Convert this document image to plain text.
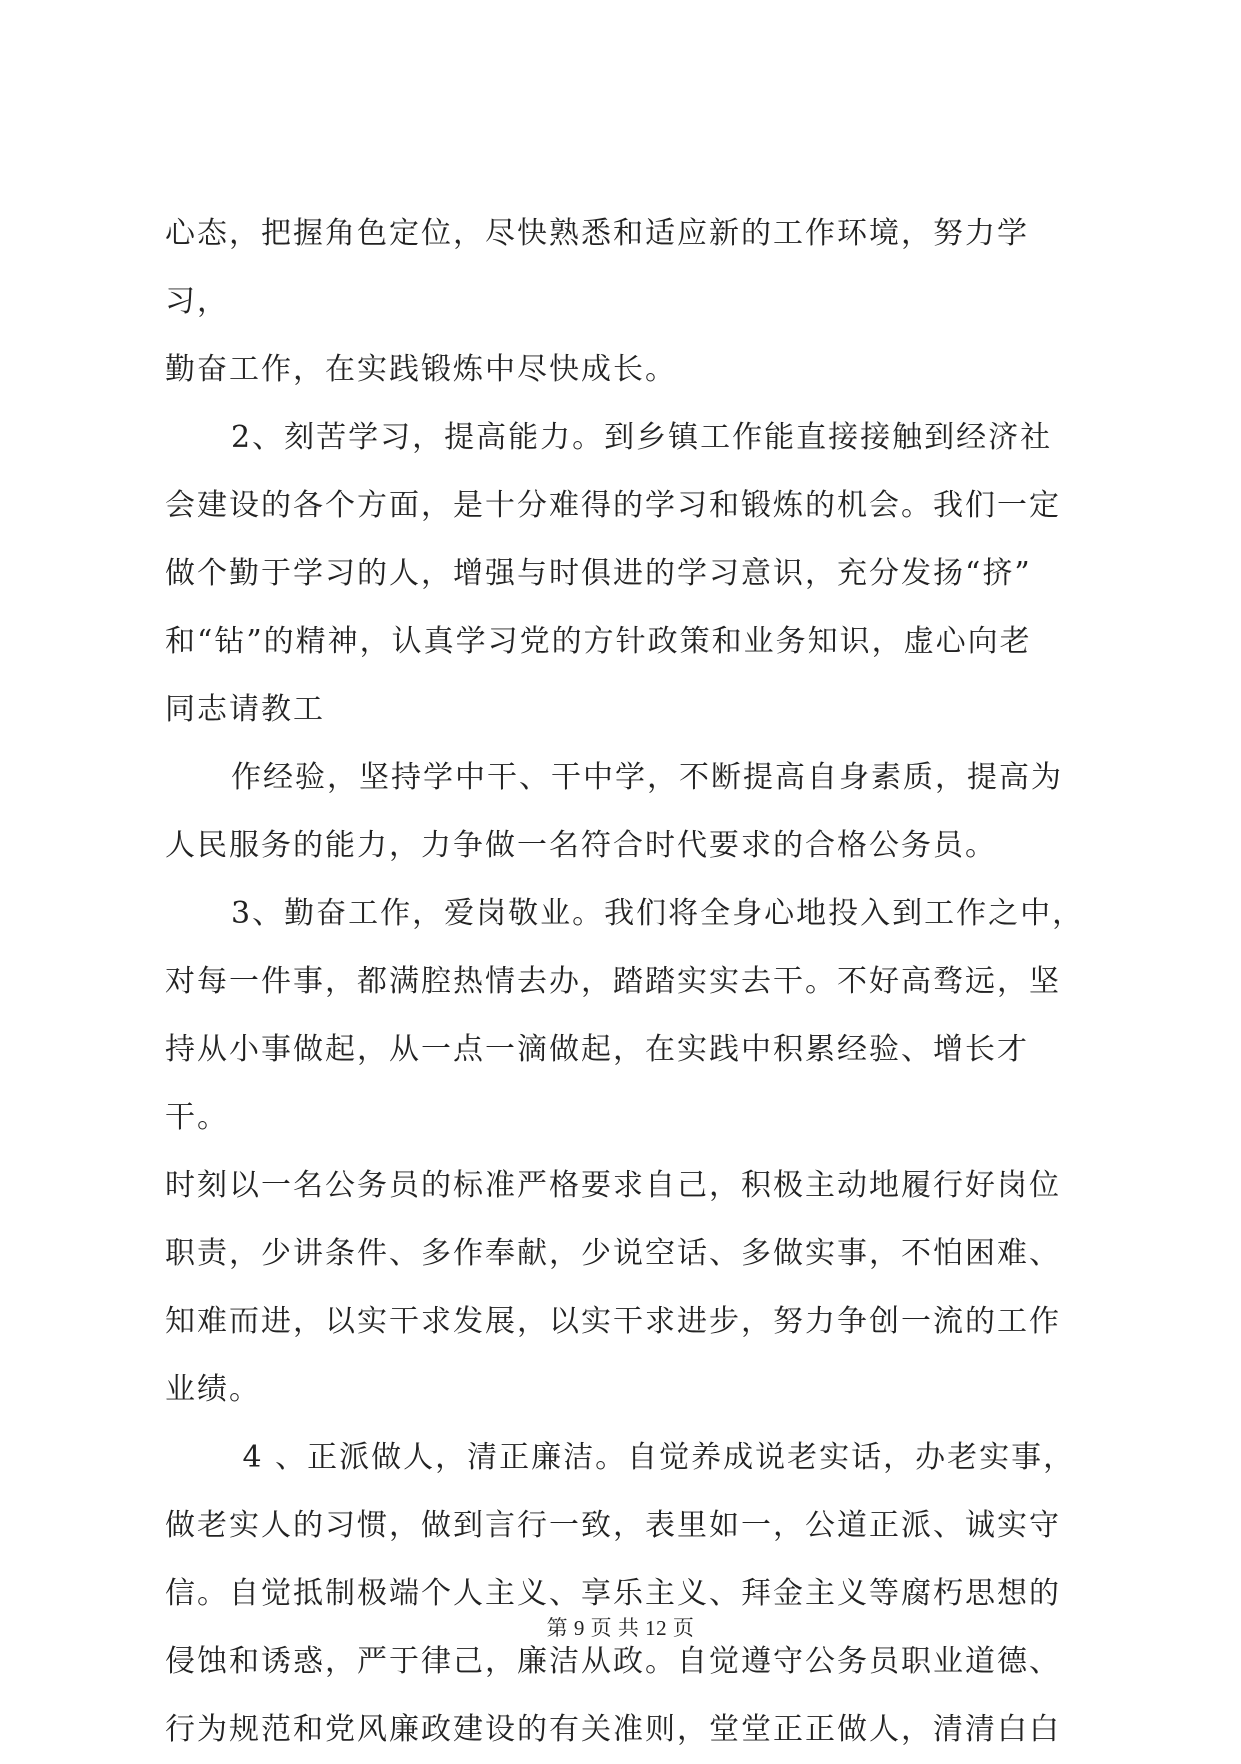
心态，把握角色定位，尽快熟悉和适应新的工作环境，努力学习，
勤奋工作，在实践锻炼中尽快成长。

2、刻苦学习，提高能力。到乡镇工作能直接接触到经济社
会建设的各个方面，是十分难得的学习和锻炼的机会。我们一定
做个勤于学习的人，增强与时俱进的学习意识，充分发扬“挤”
和“钻”的精神，认真学习党的方针政策和业务知识，虚心向老
同志请教工

作经验，坚持学中干、干中学，不断提高自身素质，提高为
人民服务的能力，力争做一名符合时代要求的合格公务员。

3、勤奋工作，爱岗敬业。我们将全身心地投入到工作之中，
对每一件事，都满腔热情去办，踏踏实实去干。不好高骛远，坚
持从小事做起，从一点一滴做起，在实践中积累经验、增长才干。
时刻以一名公务员的标准严格要求自己，积极主动地履行好岗位
职责，少讲条件、多作奉献，少说空话、多做实事，不怕困难、
知难而进，以实干求发展，以实干求进步，努力争创一流的工作
业绩。

4 、正派做人，清正廉洁。自觉养成说老实话，办老实事，
做老实人的习惯，做到言行一致，表里如一，公道正派、诚实守
信。自觉抵制极端个人主义、享乐主义、拜金主义等腐朽思想的
侵蚀和诱惑，严于律己，廉洁从政。自觉遵守公务员职业道德、
行为规范和党风廉政建设的有关准则，堂堂正正做人，清清白白

第 9 页 共 12 页
